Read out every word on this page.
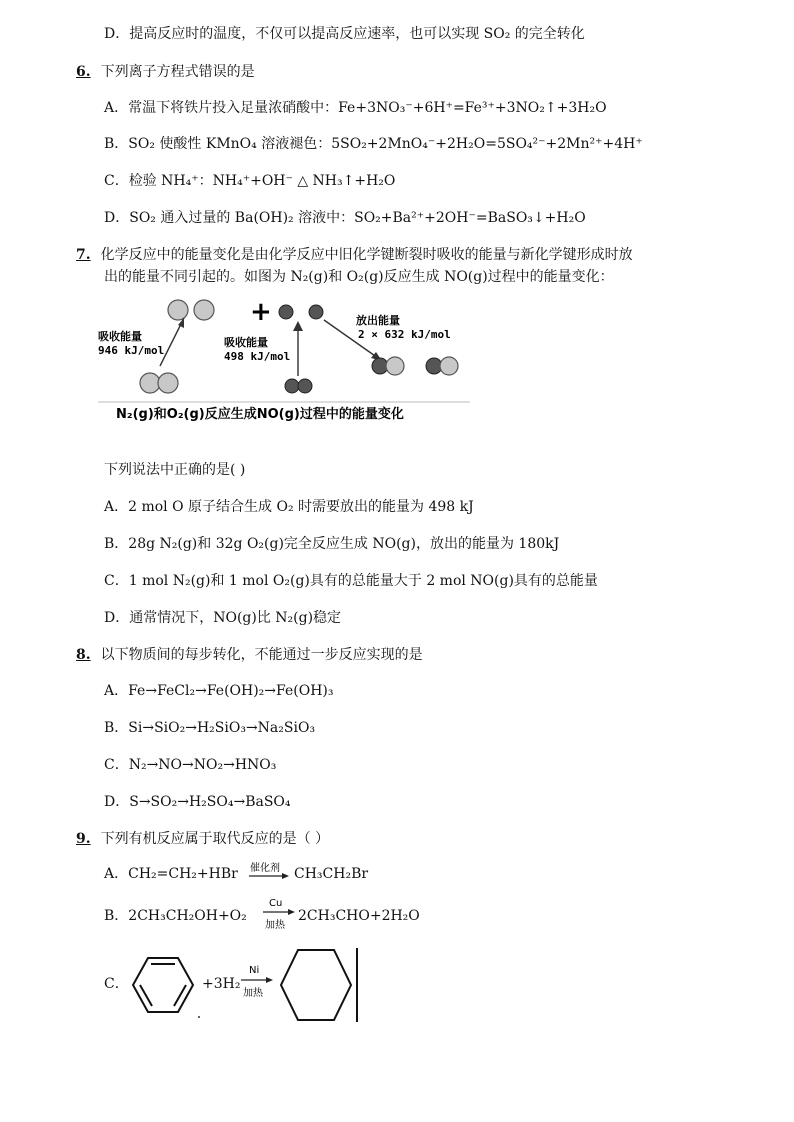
D．提高反应时的温度，不仅可以提高反应速率，也可以实现 SO₂ 的完全转化
6. 下列离子方程式错误的是
A．常温下将铁片投入足量浓硝酸中：Fe+3NO₃⁻+6H⁺=Fe³⁺+3NO₂↑+3H₂O
B．SO₂ 使酸性 KMnO₄ 溶液褪色：5SO₂+2MnO₄⁻+2H₂O=5SO₄²⁻+2Mn²⁺+4H⁺
C．检验 NH₄⁺：NH₄⁺+OH⁻ △ NH₃↑+H₂O
D．SO₂ 通入过量的 Ba(OH)₂ 溶液中：SO₂+Ba²⁺+2OH⁻=BaSO₃↓+H₂O
7. 化学反应中的能量变化是由化学反应中旧化学键断裂时吸收的能量与新化学键形成时放
出的能量不同引起的。如图为 N₂(g)和 O₂(g)反应生成 NO(g)过程中的能量变化：
+
吸收能量
946 kJ/mol
吸收能量
498 kJ/mol
放出能量
2 × 632 kJ/mol
N₂(g)和O₂(g)反应生成NO(g)过程中的能量变化
下列说法中正确的是( )
A．2 mol O 原子结合生成 O₂ 时需要放出的能量为 498 kJ
B．28g N₂(g)和 32g O₂(g)完全反应生成 NO(g)，放出的能量为 180kJ
C．1 mol N₂(g)和 1 mol O₂(g)具有的总能量大于 2 mol NO(g)具有的总能量
D．通常情况下，NO(g)比 N₂(g)稳定
8. 以下物质间的每步转化，不能通过一步反应实现的是
A．Fe→FeCl₂→Fe(OH)₂→Fe(OH)₃
B．Si→SiO₂→H₂SiO₃→Na₂SiO₃
C．N₂→NO→NO₂→HNO₃
D．S→SO₂→H₂SO₄→BaSO₄
9. 下列有机反应属于取代反应的是（ ）
A．CH₂=CH₂+HBr 催化剂 CH₃CH₂Br
B．2CH₃CH₂OH+O₂
Cu
加热
2CH₃CHO+2H₂O
C．	+3H₂
Ni
加热
